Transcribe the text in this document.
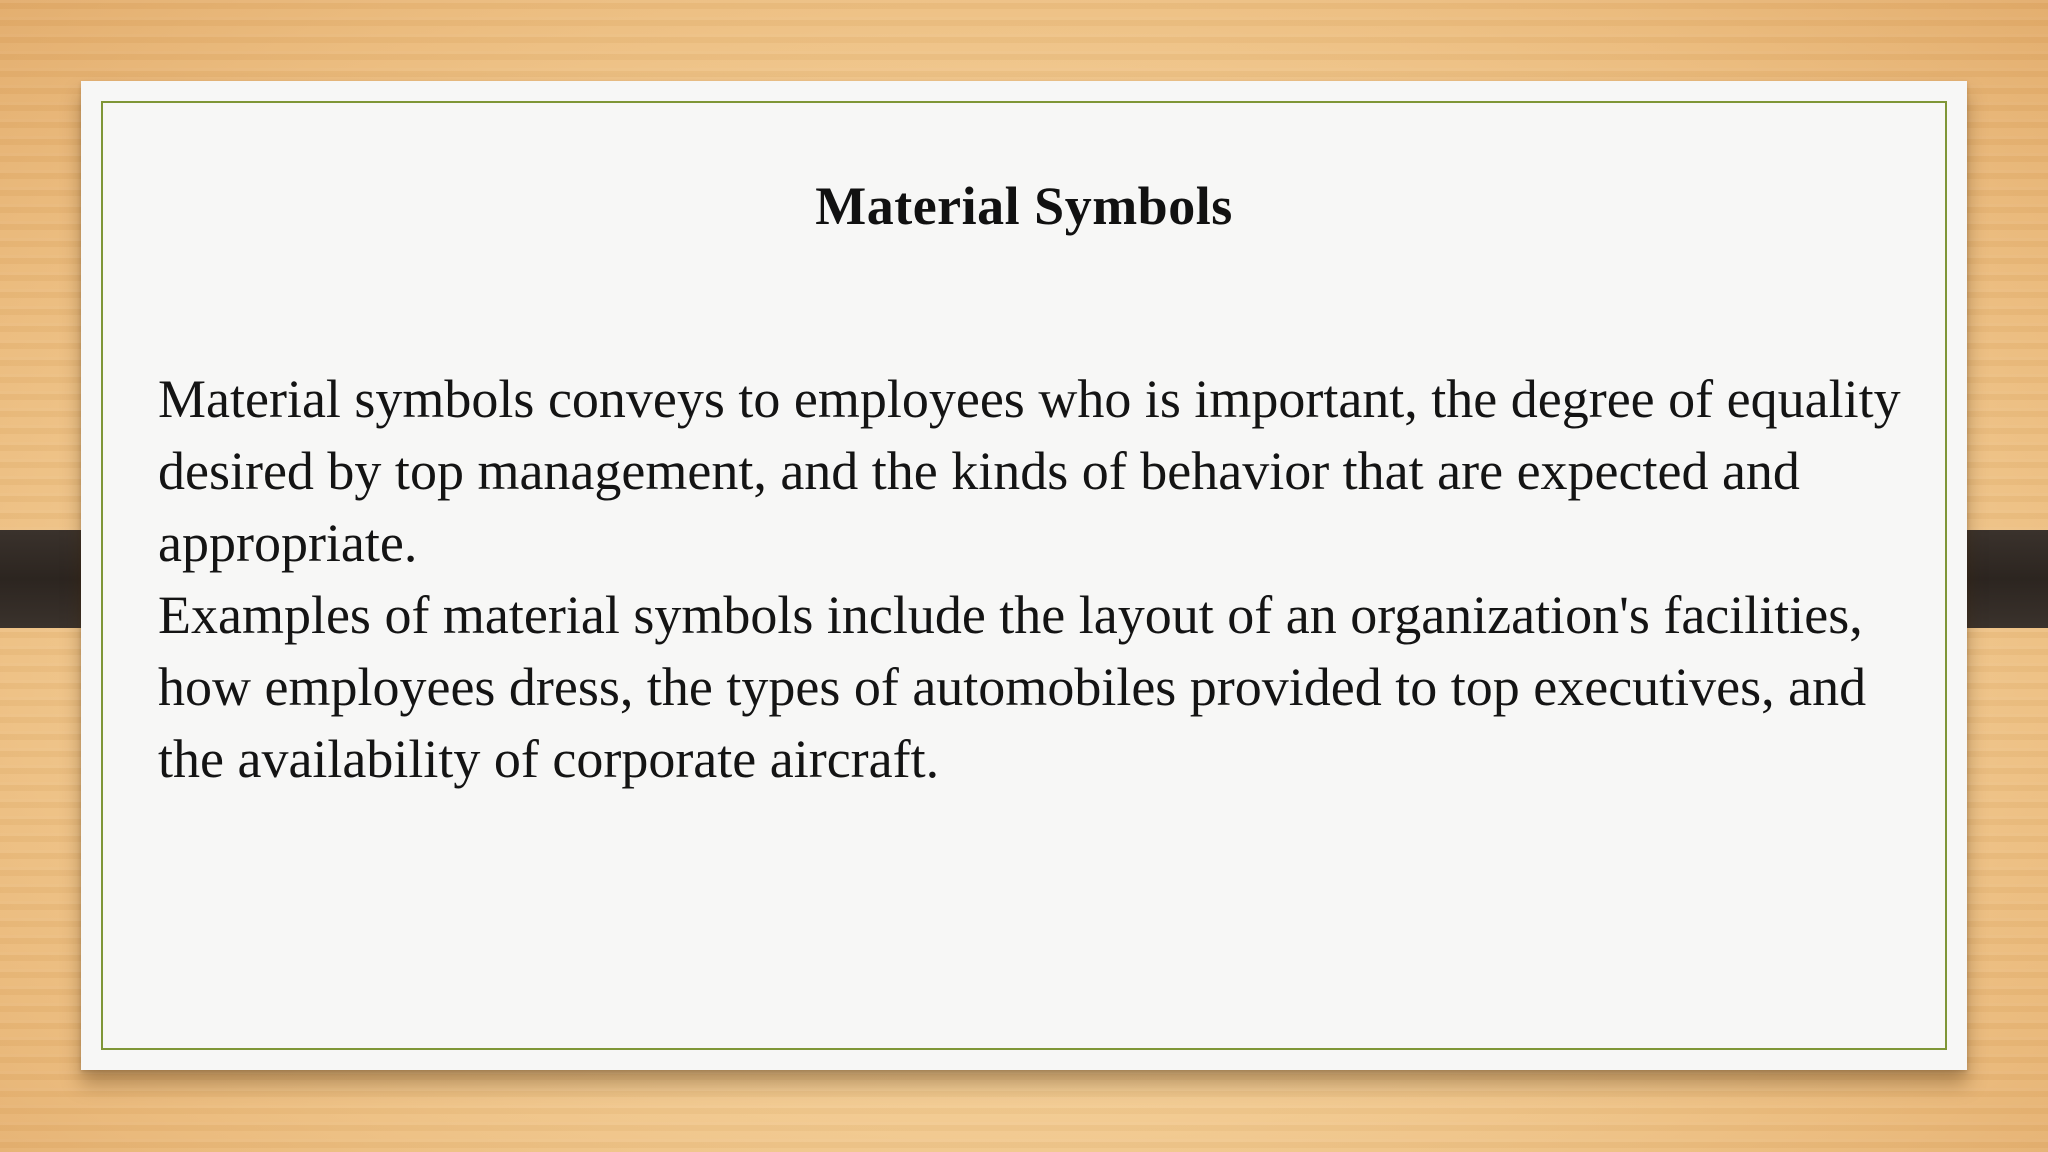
Material Symbols

Material symbols conveys to employees who is important, the degree of equality desired by top management, and the kinds of behavior that are expected and appropriate.

Examples of material symbols include the layout of an organization's facilities, how employees dress, the types of automobiles provided to top executives, and the availability of corporate aircraft.
